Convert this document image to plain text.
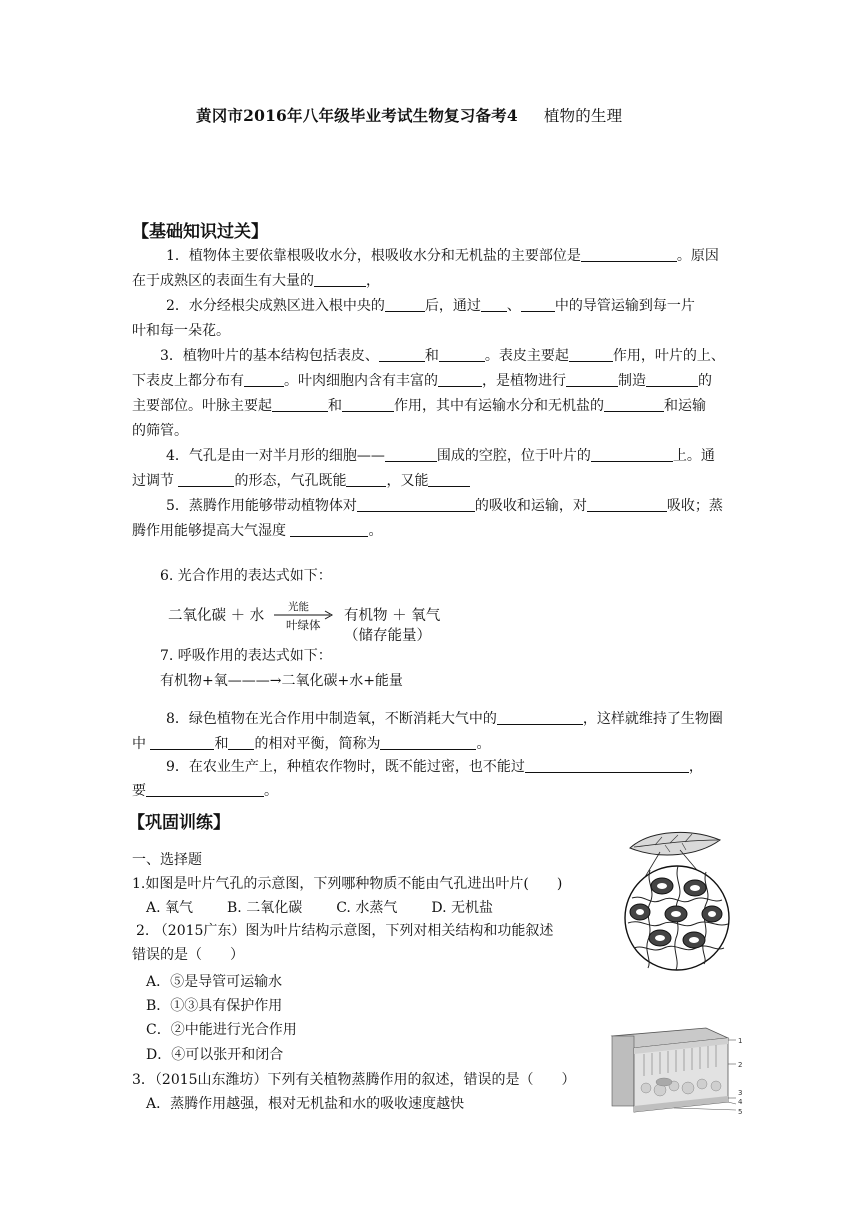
黄冈市2016年八年级毕业考试生物复习备考4 植物的生理
【基础知识过关】
1．植物体主要依靠根吸收水分，根吸收水分和无机盐的主要部位是	。原因
在于成熟区的表面生有大量的	，
2．水分经根尖成熟区进入根中央的	后，通过 、 中的导管运输到每一片
叶和每一朵花。
3．植物叶片的基本结构包括表皮、	和	。表皮主要起	作用，叶片的上、
下表皮上都分布有	。叶肉细胞内含有丰富的	，是植物进行	制造	的
主要部位。叶脉主要起	和	作用，其中有运输水分和无机盐的	和运输
的筛管。
4．气孔是由一对半月形的细胞——	围成的空腔，位于叶片的	上。通
过调节	的形态，气孔既能	，又能
5．蒸腾作用能够带动植物体对	的吸收和运输，对	吸收；蒸
腾作用能够提高大气湿度	。
6. 光合作用的表达式如下：
二氧化碳 ＋ 水
光能
叶绿体
有机物 ＋ 氧气
（储存能量）
7. 呼吸作用的表达式如下：
有机物+氧———→二氧化碳+水+能量
8．绿色植物在光合作用中制造氧，不断消耗大气中的	，这样就维持了生物圈
中	和 的相对平衡，简称为	。
9．在农业生产上，种植农作物时，既不能过密，也不能过	，
要	。
【巩固训练】
一、选择题
1.如图是叶片气孔的示意图，下列哪种物质不能由气孔进出叶片(　　)
A. 氧气 B. 二氧化碳 C. 水蒸气 D. 无机盐
2. （2015广东）图为叶片结构示意图，下列对相关结构和功能叙述
错误的是（　　）
A．⑤是导管可运输水
B．①③具有保护作用
C．②中能进行光合作用
D．④可以张开和闭合
3．（2015山东潍坊）下列有关植物蒸腾作用的叙述，错误的是（　　）
A．蒸腾作用越强，根对无机盐和水的吸收速度越快
1
2
3
4
5
